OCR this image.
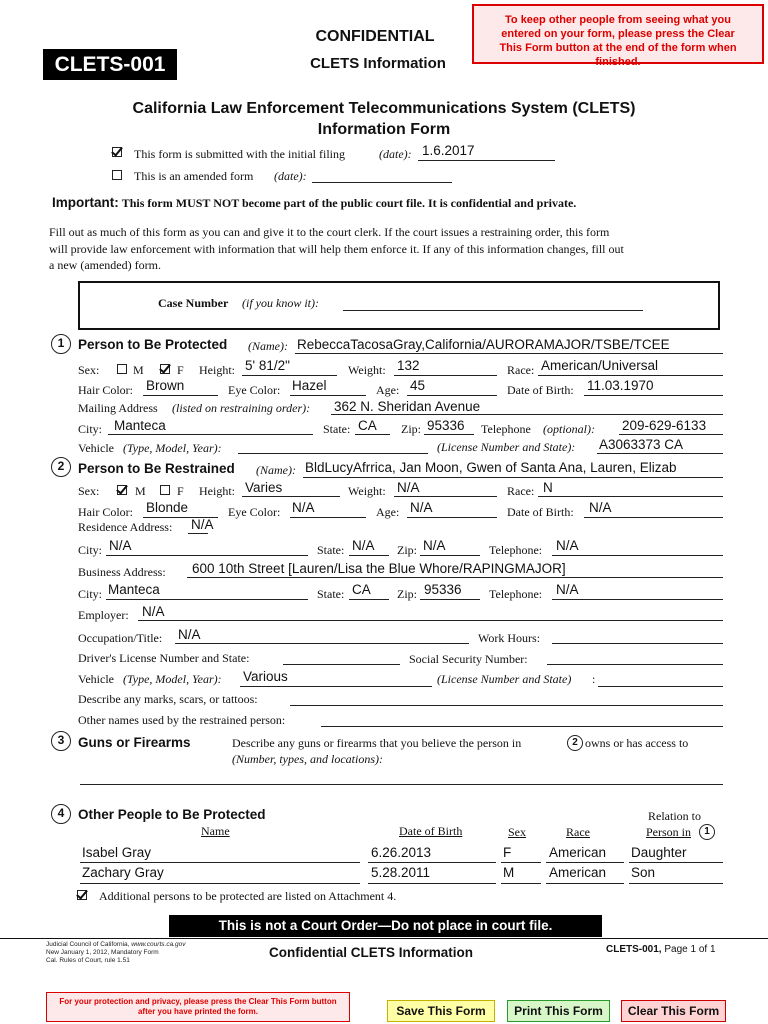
CLETS-001
CONFIDENTIAL
CLETS Information
To keep other people from seeing what you entered on your form, please press the Clear This Form button at the end of the form when finished.
California Law Enforcement Telecommunications System (CLETS)
Information Form
This form is submitted with the initial filing	(date): 1.6.2017
This is an amended form (date):
Important: This form MUST NOT become part of the public court file. It is confidential and private.
Fill out as much of this form as you can and give it to the court clerk. If the court issues a restraining order, this form
will provide law enforcement with information that will help them enforce it. If any of this information changes, fill out
a new (amended) form.
Case Number (if you know it):
1	Person to Be Protected (Name): RebeccaTacosaGray,California/AURORAMAJOR/TSBE/TCEE
Sex:	M	F Height: 5' 81/2"	Weight: 132	Race: American/Universal
Hair Color: Brown	Eye Color: Hazel	Age: 45	Date of Birth: 11.03.1970
Mailing Address (listed on restraining order): 362 N. Sheridan Avenue
City: Manteca	State: CA Zip: 95336 Telephone (optional): 209-629-6133
Vehicle (Type, Model, Year):	(License Number and State): A3063373 CA
2	Person to Be Restrained (Name): BldLucyAfrrica, Jan Moon, Gwen of Santa Ana, Lauren, Elizab
Sex:	M	F Height: Varies	Weight: N/A	Race: N
Hair Color: Blonde	Eye Color: N/A	Age: N/A	Date of Birth: N/A
Residence Address: N/A
City: N/A	State: N/A Zip: N/A	Telephone: N/A
Business Address: 600 10th Street [Lauren/Lisa the Blue Whore/RAPINGMAJOR]
City: Manteca	State: CA Zip: 95336 Telephone: N/A
Employer: N/A
Occupation/Title: N/A	Work Hours:
Driver's License Number and State:	Social Security Number:
Vehicle (Type, Model, Year): Various	(License Number and State) :
Describe any marks, scars, or tattoos:
Other names used by the restrained person:
3	Guns or Firearms	Describe any guns or firearms that you believe the person in	2 owns or has access to
(Number, types, and locations):
4	Other People to Be Protected
Name	Date of Birth	Sex	Race
Relation to
Person in	1
Isabel Gray	6.26.2013	F	American Daughter
Zachary Gray	5.28.2011	M	American Son
Additional persons to be protected are listed on Attachment 4.
This is not a Court Order—Do not place in court file.
Judicial Council of California, www.courts.ca.gov
New January 1, 2012, Mandatory Form
Cal. Rules of Court, rule 1.51
Confidential CLETS Information	CLETS-001, Page 1 of 1
For your protection and privacy, please press the Clear This Form button after you have printed the form.	Save This Form	Print This Form	Clear This Form
